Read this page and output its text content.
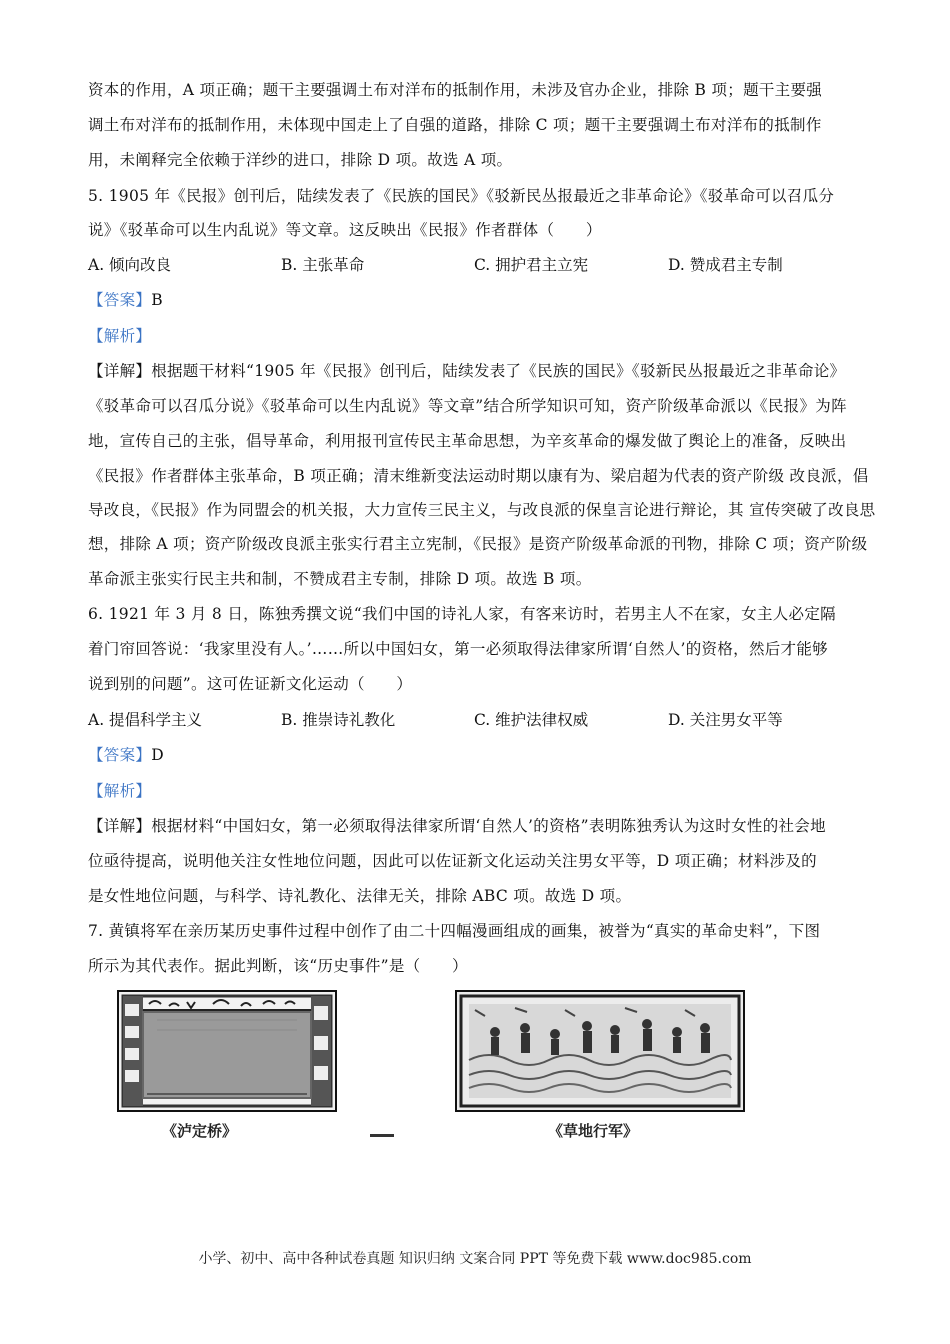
资本的作用，A 项正确；题干主要强调土布对洋布的抵制作用，未涉及官办企业，排除 B 项；题干主要强
调土布对洋布的抵制作用，未体现中国走上了自强的道路，排除 C 项；题干主要强调土布对洋布的抵制作
用，未阐释完全依赖于洋纱的进口，排除 D 项。故选 A 项。
5. 1905 年《民报》创刊后，陆续发表了《民族的国民》《驳新民丛报最近之非革命论》《驳革命可以召瓜分
说》《驳革命可以生内乱说》等文章。这反映出《民报》作者群体（　　）
A. 倾向改良	B. 主张革命	C. 拥护君主立宪	D. 赞成君主专制
【答案】B
【解析】
【详解】根据题干材料“1905 年《民报》创刊后，陆续发表了《民族的国民》《驳新民丛报最近之非革命论》
《驳革命可以召瓜分说》《驳革命可以生内乱说》等文章”结合所学知识可知，资产阶级革命派以《民报》为阵
地，宣传自己的主张，倡导革命，利用报刊宣传民主革命思想，为辛亥革命的爆发做了舆论上的准备，反映出
《民报》作者群体主张革命，B 项正确；清末维新变法运动时期以康有为、梁启超为代表的资产阶级 改良派，倡
导改良，《民报》作为同盟会的机关报，大力宣传三民主义，与改良派的保皇言论进行辩论，其 宣传突破了改良思
想，排除 A 项；资产阶级改良派主张实行君主立宪制，《民报》是资产阶级革命派的刊物，排除 C 项；资产阶级
革命派主张实行民主共和制，不赞成君主专制，排除 D 项。故选 B 项。
6. 1921 年 3 月 8 日，陈独秀撰文说“我们中国的诗礼人家，有客来访时，若男主人不在家，女主人必定隔
着门帘回答说：‘我家里没有人。’……所以中国妇女，第一必须取得法律家所谓‘自然人’的资格，然后才能够
说到别的问题”。这可佐证新文化运动（　　）
A. 提倡科学主义	B. 推崇诗礼教化	C. 维护法律权威	D. 关注男女平等
【答案】D
【解析】
【详解】根据材料“中国妇女，第一必须取得法律家所谓‘自然人’的资格”表明陈独秀认为这时女性的社会地
位亟待提高，说明他关注女性地位问题，因此可以佐证新文化运动关注男女平等，D 项正确；材料涉及的
是女性地位问题，与科学、诗礼教化、法律无关，排除 ABC 项。故选 D 项。
7. 黄镇将军在亲历某历史事件过程中创作了由二十四幅漫画组成的画集，被誉为“真实的革命史料”，下图
所示为其代表作。据此判断，该“历史事件”是（　　）
《泸定桥》	《草地行军》
小学、初中、高中各种试卷真题 知识归纳 文案合同 PPT 等免费下载 www.doc985.com
